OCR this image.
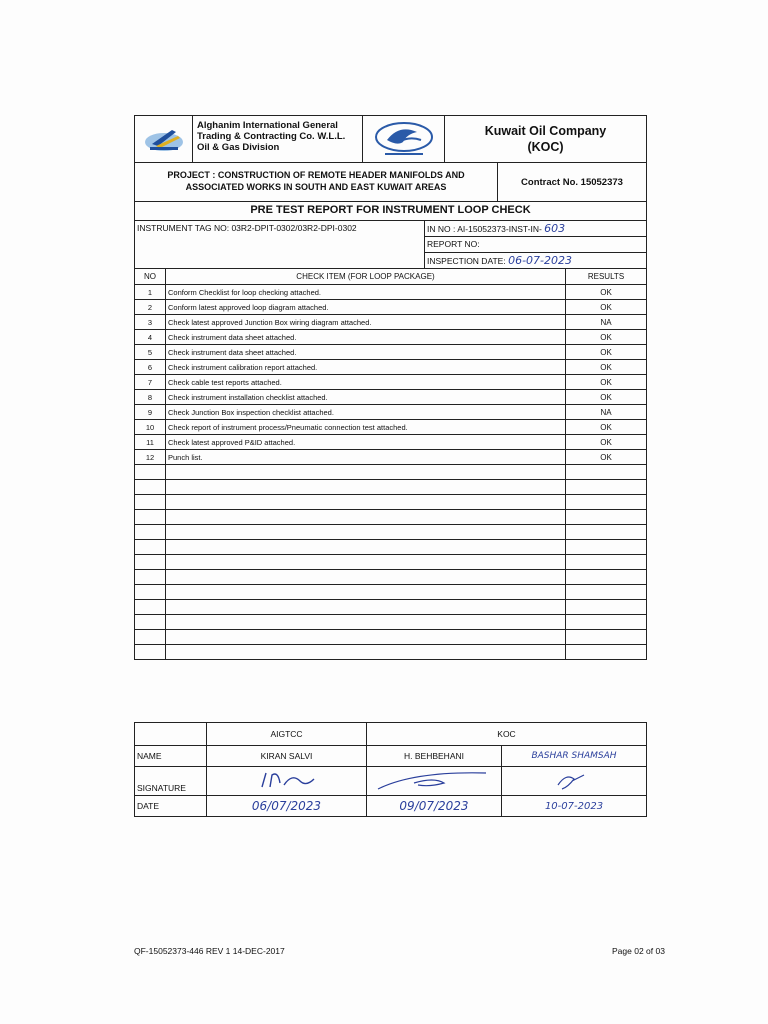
Alghanim International General
Trading & Contracting Co. W.L.L.
Oil & Gas Division
Kuwait Oil Company
(KOC)
PROJECT : CONSTRUCTION OF REMOTE HEADER MANIFOLDS AND
ASSOCIATED WORKS IN SOUTH AND EAST KUWAIT AREAS	Contract No. 15052373
PRE TEST REPORT FOR INSTRUMENT LOOP CHECK
INSTRUMENT TAG NO: 03R2-DPIT-0302/03R2-DPI-0302	IN NO : AI-15052373-INST-IN- 603
REPORT NO:
INSPECTION DATE: 06-07-2023
NO	CHECK ITEM (FOR LOOP PACKAGE)	RESULTS
1	Conform Checklist for loop checking attached.	OK
2	Conform latest approved loop diagram attached.	OK
3	Check latest approved Junction Box wiring diagram attached.	NA
4	Check instrument data sheet attached.	OK
5	Check instrument data sheet attached.	OK
6	Check instrument calibration report attached.	OK
7	Check cable test reports attached.	OK
8	Check instrument installation checklist attached.	OK
9	Check Junction Box inspection checklist attached.	NA
10	Check report of instrument process/Pneumatic connection test attached.	OK
11	Check latest approved P&ID attached.	OK
12	Punch list.	OK

AIGTCC	KOC
NAME	KIRAN SALVI	H. BEHBEHANI	BASHAR SHAMSAH
SIGNATURE
DATE	06/07/2023	09/07/2023	10-07-2023
QF-15052373-446 REV 1 14-DEC-2017	Page 02 of 03
